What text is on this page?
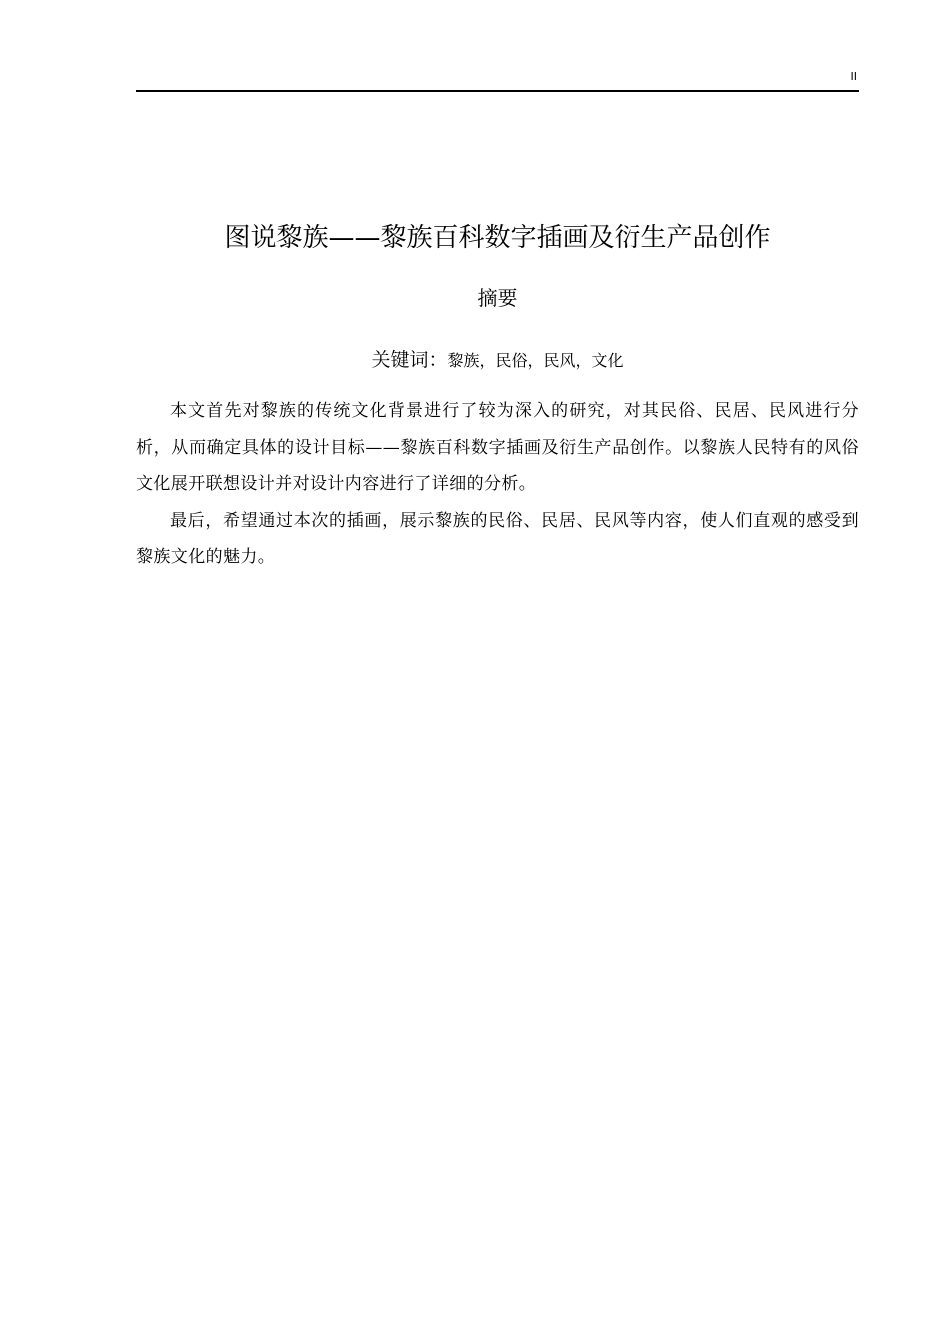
II
图说黎族——黎族百科数字插画及衍生产品创作
摘要
关键词：黎族，民俗，民风，文化

本文首先对黎族的传统文化背景进行了较为深入的研究，对其民俗、民居、民风进行分析，从而确定具体的设计目标——黎族百科数字插画及衍生产品创作。以黎族人民特有的风俗文化展开联想设计并对设计内容进行了详细的分析。

最后，希望通过本次的插画，展示黎族的民俗、民居、民风等内容，使人们直观的感受到黎族文化的魅力。
